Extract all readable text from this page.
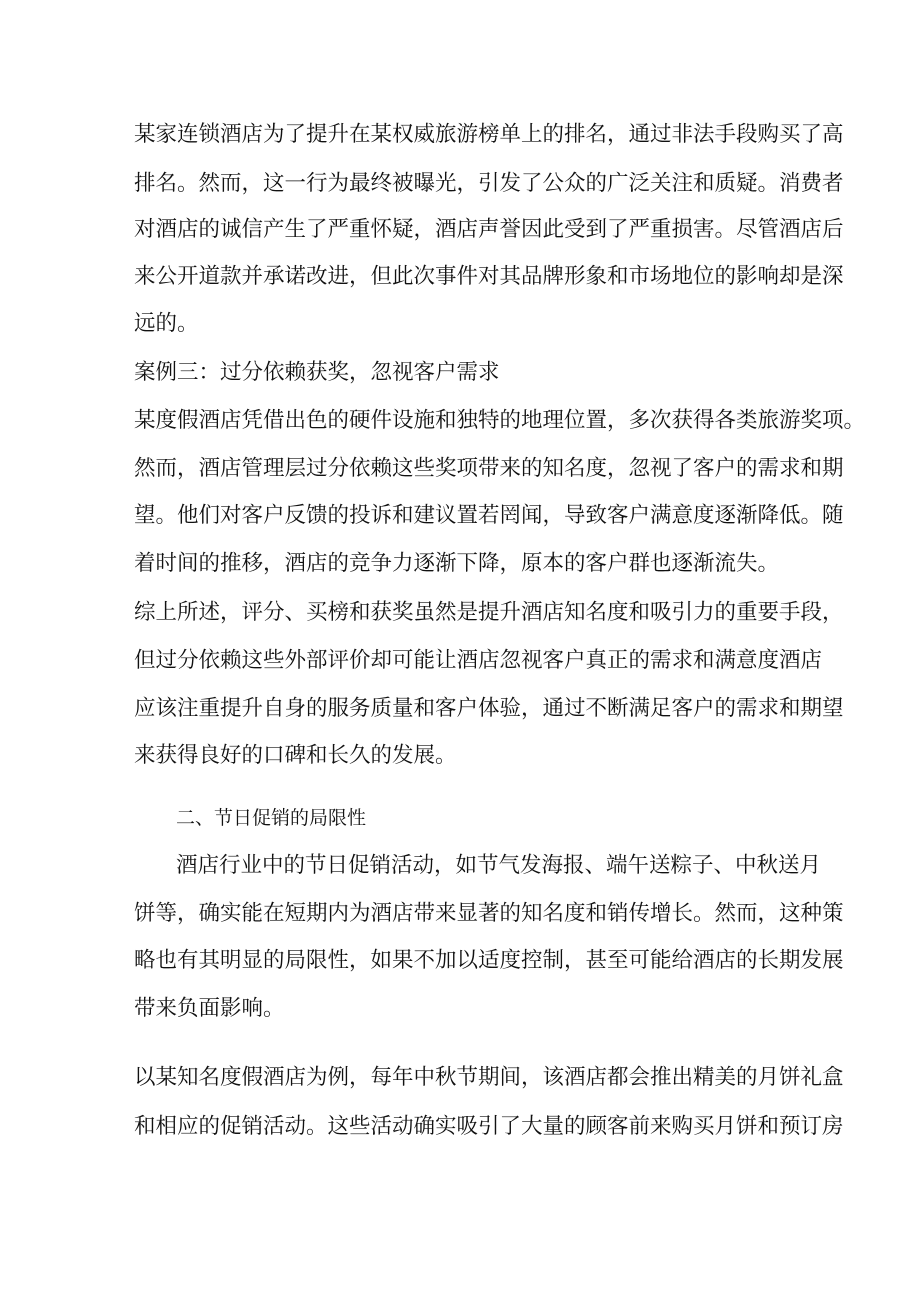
某家连锁酒店为了提升在某权威旅游榜单上的排名，通过非法手段购买了高
排名。然而，这一行为最终被曝光，引发了公众的广泛关注和质疑。消费者
对酒店的诚信产生了严重怀疑，酒店声誉因此受到了严重损害。尽管酒店后
来公开道款并承诺改进，但此次事件对其品牌形象和市场地位的影响却是深
远的。
案例三：过分依赖获奖，忽视客户需求
某度假酒店凭借出色的硬件设施和独特的地理位置，多次获得各类旅游奖项。
然而，酒店管理层过分依赖这些奖项带来的知名度，忽视了客户的需求和期
望。他们对客户反馈的投诉和建议置若罔闻，导致客户满意度逐渐降低。随
着时间的推移，酒店的竞争力逐渐下降，原本的客户群也逐渐流失。
综上所述，评分、买榜和获奖虽然是提升酒店知名度和吸引力的重要手段，
但过分依赖这些外部评价却可能让酒店忽视客户真正的需求和满意度酒店
应该注重提升自身的服务质量和客户体验，通过不断满足客户的需求和期望
来获得良好的口碑和长久的发展。
二、节日促销的局限性
酒店行业中的节日促销活动，如节气发海报、端午送粽子、中秋送月
饼等，确实能在短期内为酒店带来显著的知名度和销传增长。然而，这种策
略也有其明显的局限性，如果不加以适度控制，甚至可能给酒店的长期发展
带来负面影响。
以某知名度假酒店为例，每年中秋节期间，该酒店都会推出精美的月饼礼盒
和相应的促销活动。这些活动确实吸引了大量的顾客前来购买月饼和预订房
